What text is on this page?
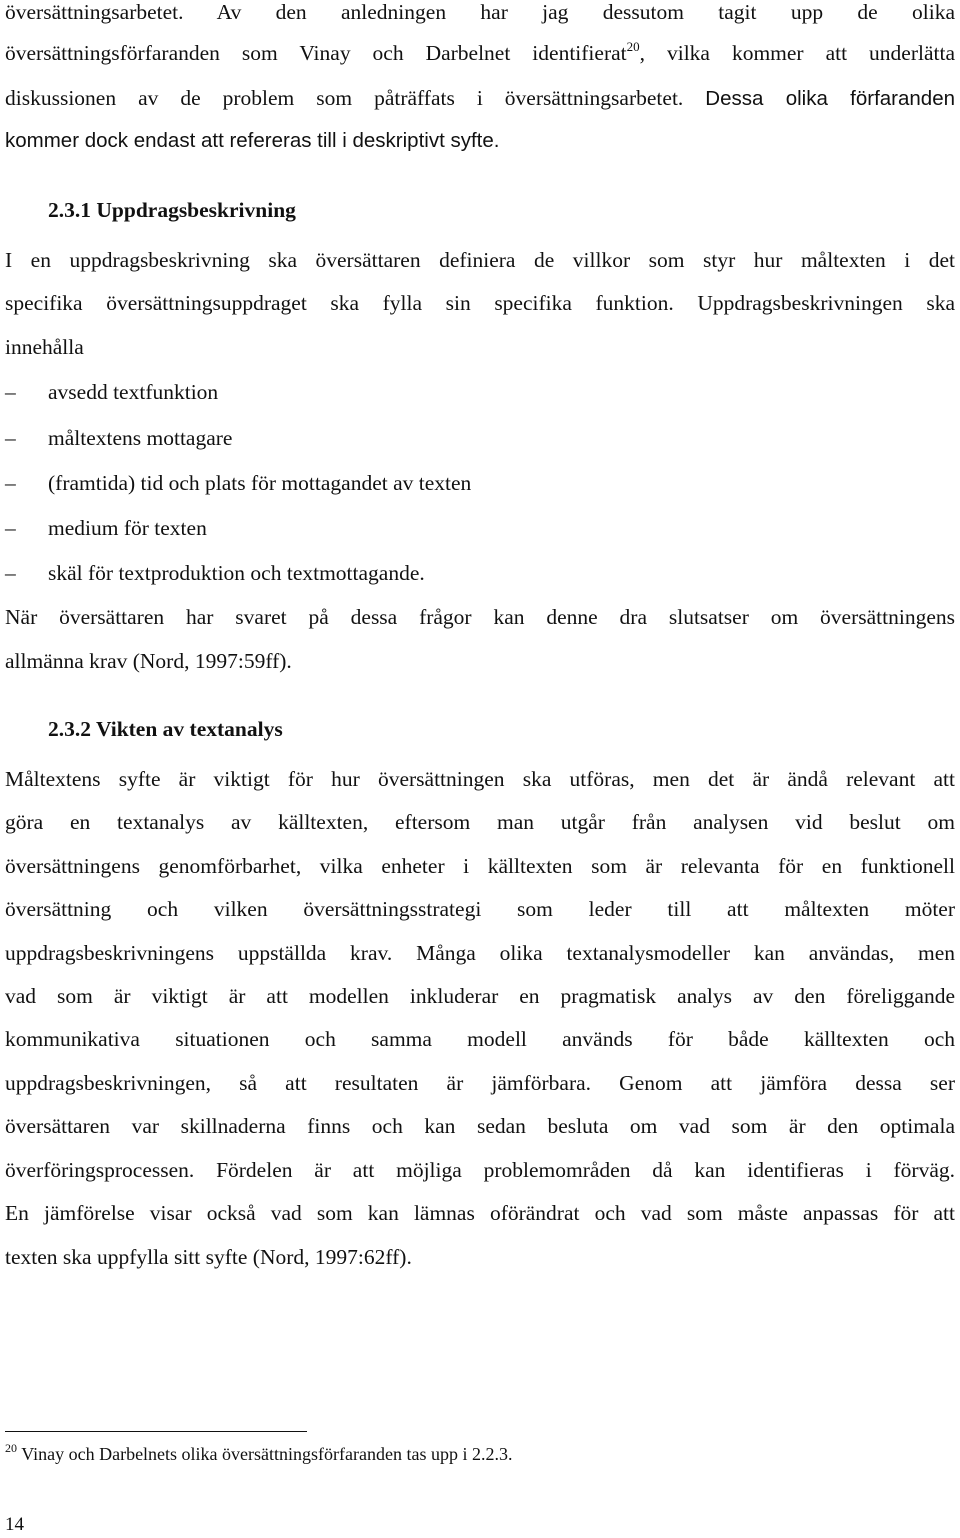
översättningsarbetet. Av den anledningen har jag dessutom tagit upp de olika
översättningsförfaranden som Vinay och Darbelnet identifierat$^{20}$, vilka kommer att underlätta
diskussionen av de problem som påträffats i översättningsarbetet. Dessa olika förfaranden
kommer dock endast att refereras till i deskriptivt syfte.
2.3.1 Uppdragsbeskrivning
I en uppdragsbeskrivning ska översättaren definiera de villkor som styr hur måltexten i det
specifika översättningsuppdraget ska fylla sin specifika funktion. Uppdragsbeskrivningen ska
innehålla
–	avsedd textfunktion
–	måltextens mottagare
–	(framtida) tid och plats för mottagandet av texten
–	medium för texten
–	skäl för textproduktion och textmottagande.
När översättaren har svaret på dessa frågor kan denne dra slutsatser om översättningens
allmänna krav (Nord, 1997:59ff).
2.3.2 Vikten av textanalys
Måltextens syfte är viktigt för hur översättningen ska utföras, men det är ändå relevant att
göra en textanalys av källtexten, eftersom man utgår från analysen vid beslut om
översättningens genomförbarhet, vilka enheter i källtexten som är relevanta för en funktionell
översättning och vilken översättningsstrategi som leder till att måltexten möter
uppdragsbeskrivningens uppställda krav. Många olika textanalysmodeller kan användas, men
vad som är viktigt är att modellen inkluderar en pragmatisk analys av den föreliggande
kommunikativa situationen och samma modell används för både källtexten och
uppdragsbeskrivningen, så att resultaten är jämförbara. Genom att jämföra dessa ser
översättaren var skillnaderna finns och kan sedan besluta om vad som är den optimala
överföringsprocessen. Fördelen är att möjliga problemområden då kan identifieras i förväg.
En jämförelse visar också vad som kan lämnas oförändrat och vad som måste anpassas för att
texten ska uppfylla sitt syfte (Nord, 1997:62ff).
$^{20}$ Vinay och Darbelnets olika översättningsförfaranden tas upp i 2.2.3.
14
